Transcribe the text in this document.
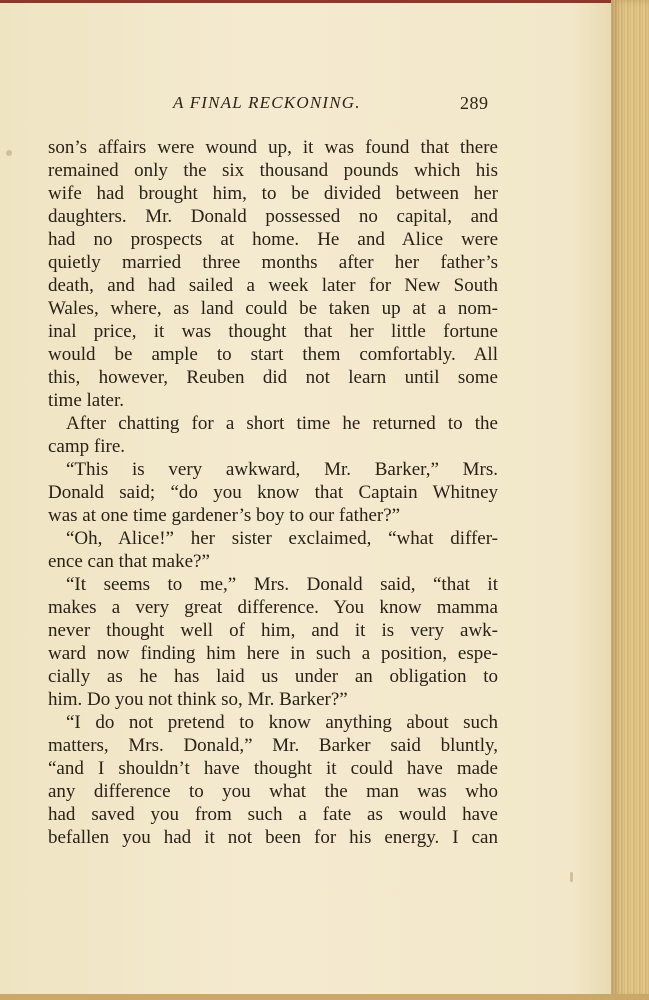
A FINAL RECKONING.	289
son’s affairs were wound up, it was found that there
remained only the six thousand pounds which his
wife had brought him, to be divided between her
daughters. Mr. Donald possessed no capital, and
had no prospects at home. He and Alice were
quietly married three months after her father’s
death, and had sailed a week later for New South
Wales, where, as land could be taken up at a nom-
inal price, it was thought that her little fortune
would be ample to start them comfortably. All
this, however, Reuben did not learn until some
time later.
After chatting for a short time he returned to the
camp fire.
“This is very awkward, Mr. Barker,” Mrs.
Donald said; “do you know that Captain Whitney
was at one time gardener’s boy to our father?”
“Oh, Alice!” her sister exclaimed, “what differ-
ence can that make?”
“It seems to me,” Mrs. Donald said, “that it
makes a very great difference. You know mamma
never thought well of him, and it is very awk-
ward now finding him here in such a position, espe-
cially as he has laid us under an obligation to
him. Do you not think so, Mr. Barker?”
“I do not pretend to know anything about such
matters, Mrs. Donald,” Mr. Barker said bluntly,
“and I shouldn’t have thought it could have made
any difference to you what the man was who
had saved you from such a fate as would have
befallen you had it not been for his energy. I can
